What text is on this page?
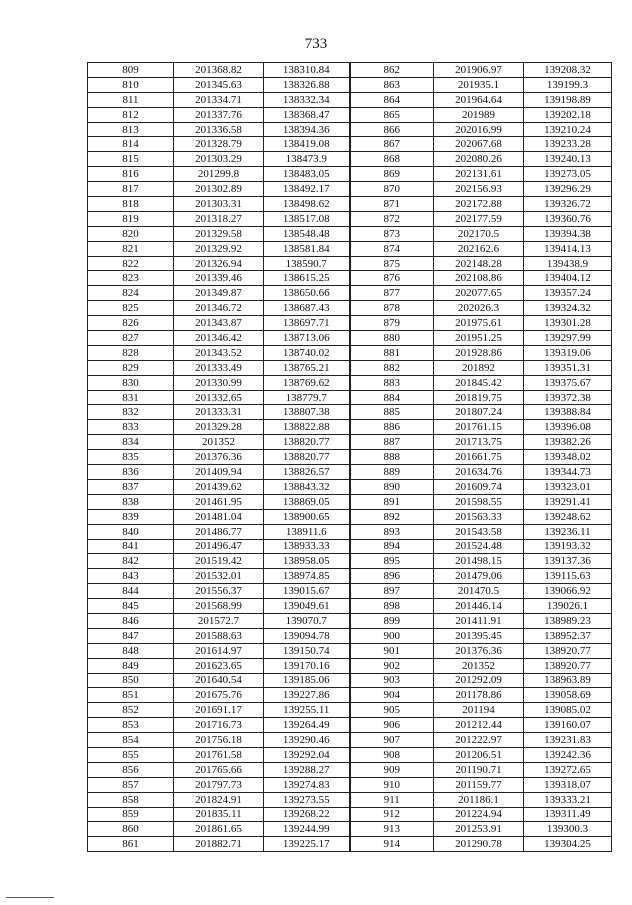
733
809	201368.82	138310.84	862	201906.97	139208.32
810	201345.63	138326.88	863	201935.1	139199.3
811	201334.71	138332.34	864	201964.64	139198.89
812	201337.76	138368.47	865	201989	139202.18
813	201336.58	138394.36	866	202016.99	139210.24
814	201328.79	138419.08	867	202067.68	139233.28
815	201303.29	138473.9	868	202080.26	139240.13
816	201299.8	138483.05	869	202131.61	139273.05
817	201302.89	138492.17	870	202156.93	139296.29
818	201303.31	138498.62	871	202172.88	139326.72
819	201318.27	138517.08	872	202177.59	139360.76
820	201329.58	138548.48	873	202170.5	139394.38
821	201329.92	138581.84	874	202162.6	139414.13
822	201326.94	138590.7	875	202148.28	139438.9
823	201339.46	138615.25	876	202108.86	139404.12
824	201349.87	138650.66	877	202077.65	139357.24
825	201346.72	138687.43	878	202026.3	139324.32
826	201343.87	138697.71	879	201975.61	139301.28
827	201346.42	138713.06	880	201951.25	139297.99
828	201343.52	138740.02	881	201928.86	139319.06
829	201333.49	138765.21	882	201892	139351.31
830	201330.99	138769.62	883	201845.42	139375.67
831	201332.65	138779.7	884	201819.75	139372.38
832	201333.31	138807.38	885	201807.24	139388.84
833	201329.28	138822.88	886	201761.15	139396.08
834	201352	138820.77	887	201713.75	139382.26
835	201376.36	138820.77	888	201661.75	139348.02
836	201409.94	138826.57	889	201634.76	139344.73
837	201439.62	138843.32	890	201609.74	139323.01
838	201461.95	138869.05	891	201598.55	139291.41
839	201481.04	138900.65	892	201563.33	139248.62
840	201486.77	138911.6	893	201543.58	139236.11
841	201496.47	138933.33	894	201524.48	139193.32
842	201519.42	138958.05	895	201498.15	139137.36
843	201532.01	138974.85	896	201479.06	139115.63
844	201556.37	139015.67	897	201470.5	139066.92
845	201568.99	139049.61	898	201446.14	139026.1
846	201572.7	139070.7	899	201411.91	138989.23
847	201588.63	139094.78	900	201395.45	138952.37
848	201614.97	139150.74	901	201376.36	138920.77
849	201623.65	139170.16	902	201352	138920.77
850	201640.54	139185.06	903	201292.09	138963.89
851	201675.76	139227.86	904	201178.86	139058.69
852	201691.17	139255.11	905	201194	139085.02
853	201716.73	139264.49	906	201212.44	139160.07
854	201756.18	139290.46	907	201222.97	139231.83
855	201761.58	139292.04	908	201206.51	139242.36
856	201765.66	139288.27	909	201190.71	139272.65
857	201797.73	139274.83	910	201159.77	139318.07
858	201824.91	139273.55	911	201186.1	139333.21
859	201835.11	139268.22	912	201224.94	139311.49
860	201861.65	139244.99	913	201253.91	139300.3
861	201882.71	139225.17	914	201290.78	139304.25
